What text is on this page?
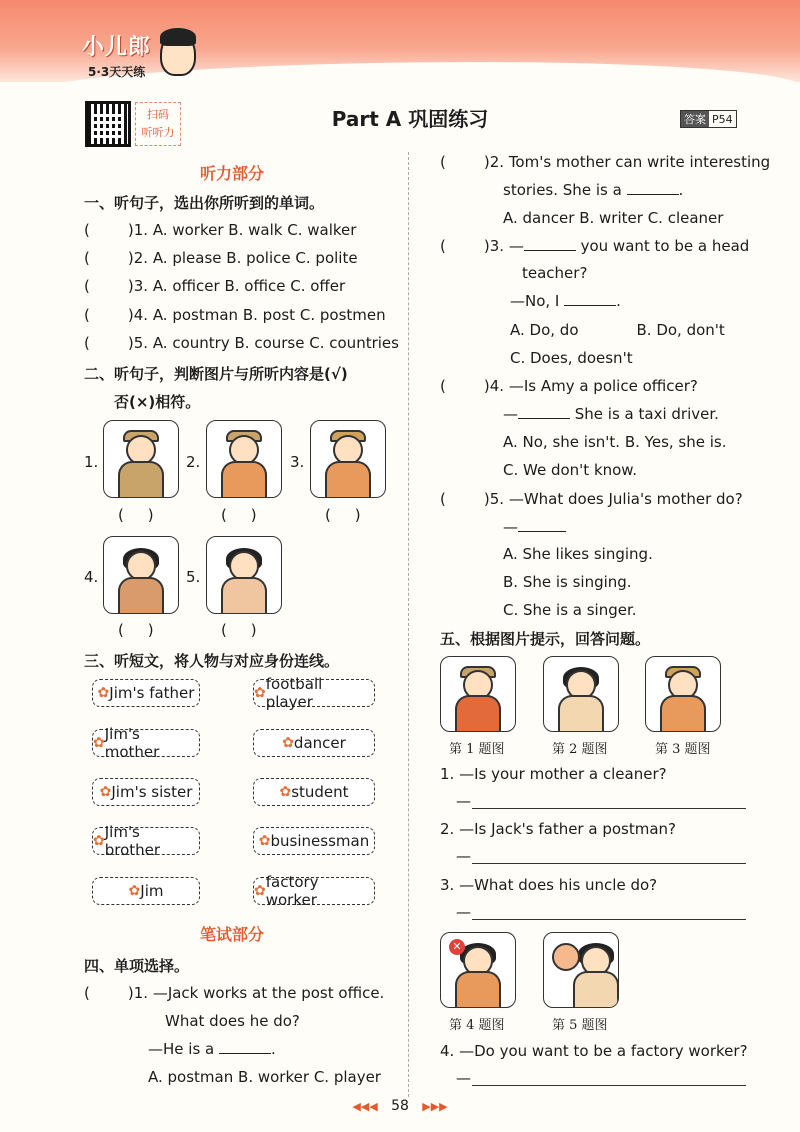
小儿郎
5·3天天练
扫码
听听力
Part A 巩固练习	答案 P54
听力部分
一、听句子，选出你所听到的单词。
(	)1. A. worker B. walk C. walker
(	)2. A. please B. police C. polite
(	)3. A. officer B. office C. offer
(	)4. A. postman B. post C. postmen
(	)5. A. country B. course C. countries
二、听句子，判断图片与所听内容是(√)
否(×)相符。
1.	2.	3.
(     )	(     )	(     )
4.	5.
(     )	(     )
三、听短文，将人物与对应身份连线。
✿ Jim's father
✿ Jim's mother
✿ Jim's sister
✿ Jim's brother
✿ Jim
✿ football player
✿ dancer
✿ student
✿ businessman
✿ factory worker
笔试部分
四、单项选择。
(	)1. —Jack works at the post office.
What does he do?
—He is a	.
A. postman B. worker C. player
(	)2. Tom's mother can write interesting
stories. She is a	.
A. dancer B. writer C. cleaner
(	)3. —	you want to be a head
teacher?
—No, I	.
A. Do, do	B. Do, don't
C. Does, doesn't
(	)4. —Is Amy a police officer?
—	She is a taxi driver.
A. No, she isn't. B. Yes, she is.
C. We don't know.
(	)5. —What does Julia's mother do?
—
A. She likes singing.
B. She is singing.
C. She is a singer.
五、根据图片提示，回答问题。
第 1 题图	第 2 题图	第 3 题图
1. —Is your mother a cleaner?
—
2. —Is Jack's father a postman?
—
3. —What does his uncle do?
—
✕
第 4 题图	第 5 题图
4. —Do you want to be a factory worker?
—
◀◀◀ 58 ▶▶▶
